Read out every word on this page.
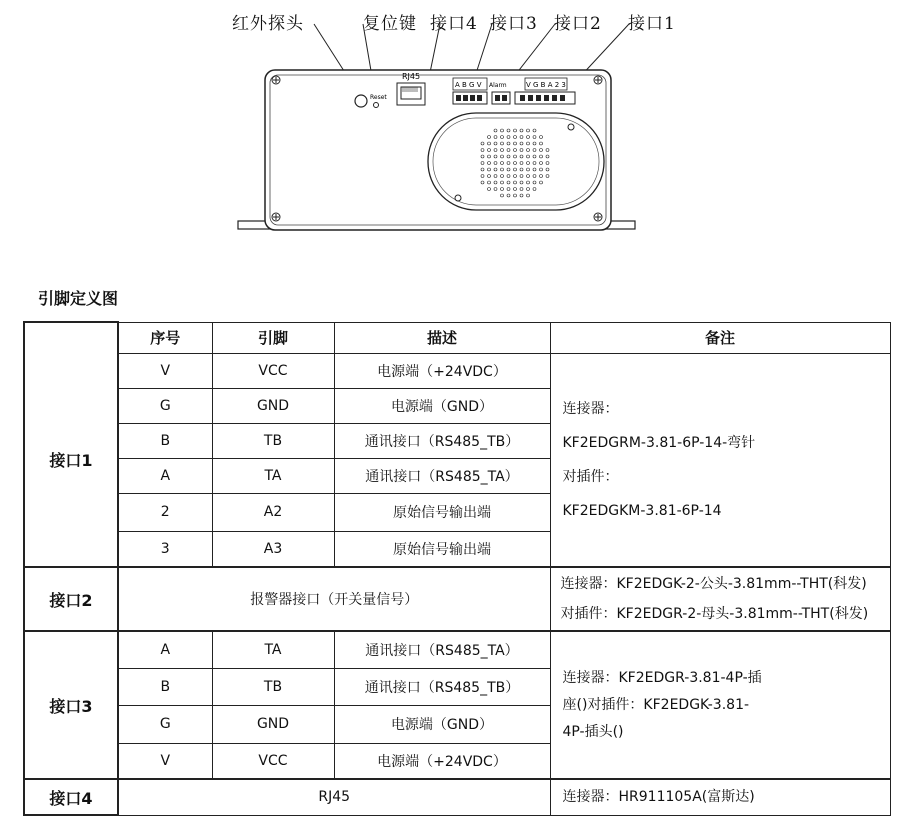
红外探头	复位键 接口4 接口3 接口2 接口1
Reset
RJ45
A B G V Alarm	V G B A 2 3
引脚定义图
	序号	引脚	描述	备注
接口1	V	VCC	电源端（+24VDC）	连接器：
KF2EDGRM-3.81-6P-14-弯针
对插件：
KF2EDGKM-3.81-6P-14

	G	GND	电源端（GND）	
	B	TB	通讯接口（RS485_TB）	
	A	TA	通讯接口（RS485_TA）	
	2	A2	原始信号输出端	
	3	A3	原始信号输出端	
接口2	报警器接口（开关量信号）			连接器：KF2EDGK-2-公头-3.81mm--THT(科发)
对插件：KF2EDGR-2-母头-3.81mm--THT(科发)

接口3	A	TA	通讯接口（RS485_TA）	连接器：KF2EDGR-3.81-4P-插
座()对插件：KF2EDGK-3.81-
4P-插头()

	B	TB	通讯接口（RS485_TB）	
	G	GND	电源端（GND）	
	V	VCC	电源端（+24VDC）	
接口4	RJ45			连接器：HR911105A(富斯达)
